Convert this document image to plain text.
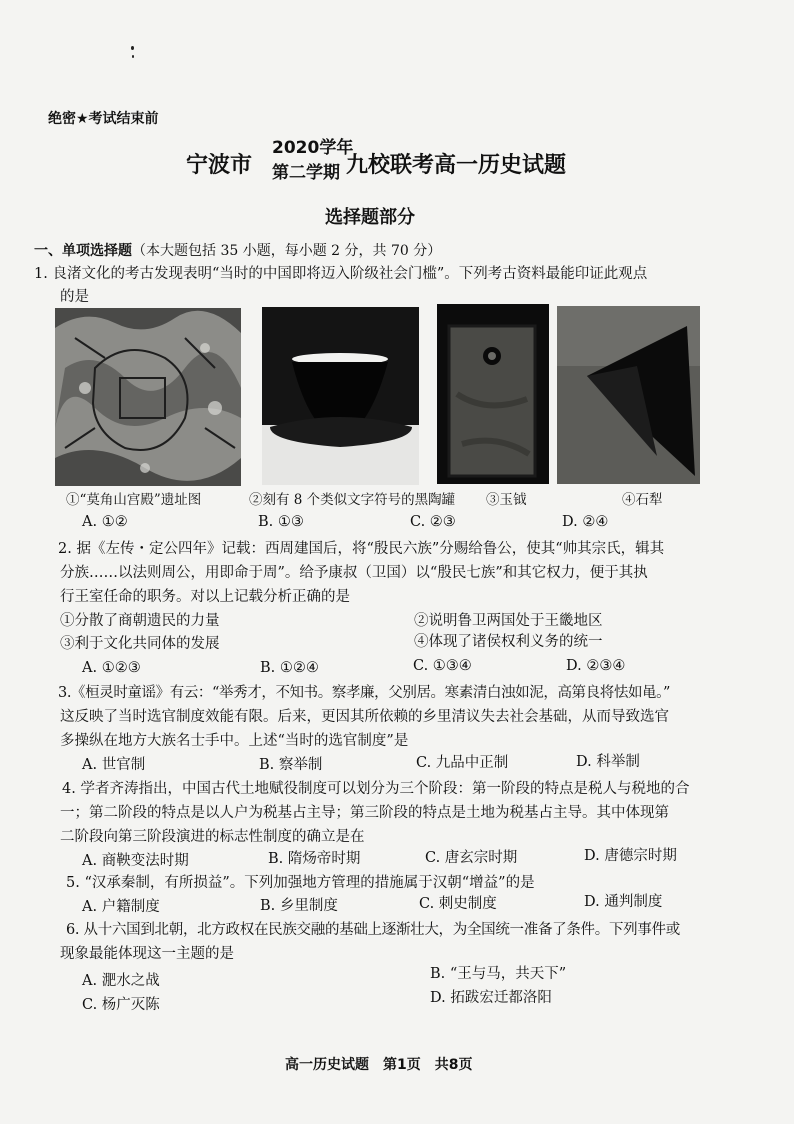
绝密★考试结束前
宁波市
2020学年
第二学期 九校联考高一历史试题
选择题部分
一、单项选择题（本大题包括 35 小题，每小题 2 分，共 70 分）
1. 良渚文化的考古发现表明“当时的中国即将迈入阶级社会门槛”。下列考古资料最能印证此观点
的是
①“莫角山宫殿”遗址图	②刻有 8 个类似文字符号的黑陶罐 ③玉钺	④石犁
A. ①②	B. ①③	C. ②③	D. ②④
2. 据《左传・定公四年》记载：西周建国后，将“殷民六族”分赐给鲁公，使其“帅其宗氏，辑其
分族……以法则周公，用即命于周”。给予康叔（卫国）以“殷民七族”和其它权力，便于其执
行王室任命的职务。对以上记载分析正确的是
①分散了商朝遗民的力量	②说明鲁卫两国处于王畿地区
③利于文化共同体的发展	④体现了诸侯权利义务的统一
A. ①②③	B. ①②④	C. ①③④	D. ②③④
3.《桓灵时童谣》有云：“举秀才，不知书。察孝廉，父别居。寒素清白浊如泥，高第良将怯如黾。”
这反映了当时选官制度效能有限。后来，更因其所依赖的乡里清议失去社会基础，从而导致选官
多操纵在地方大族名士手中。上述“当时的选官制度”是
A. 世官制	B. 察举制	C. 九品中正制	D. 科举制
4. 学者齐涛指出，中国古代土地赋役制度可以划分为三个阶段：第一阶段的特点是税人与税地的合
一；第二阶段的特点是以人户为税基占主导；第三阶段的特点是土地为税基占主导。其中体现第
二阶段向第三阶段演进的标志性制度的确立是在
A. 商鞅变法时期	B. 隋炀帝时期	C. 唐玄宗时期	D. 唐德宗时期
5. “汉承秦制，有所损益”。下列加强地方管理的措施属于汉朝“增益”的是
A. 户籍制度	B. 乡里制度	C. 刺史制度	D. 通判制度
6. 从十六国到北朝，北方政权在民族交融的基础上逐渐壮大，为全国统一准备了条件。下列事件或
现象最能体现这一主题的是
A. 淝水之战	B. “王与马，共天下”
C. 杨广灭陈	D. 拓跋宏迁都洛阳
高一历史试题　第1页　共8页
